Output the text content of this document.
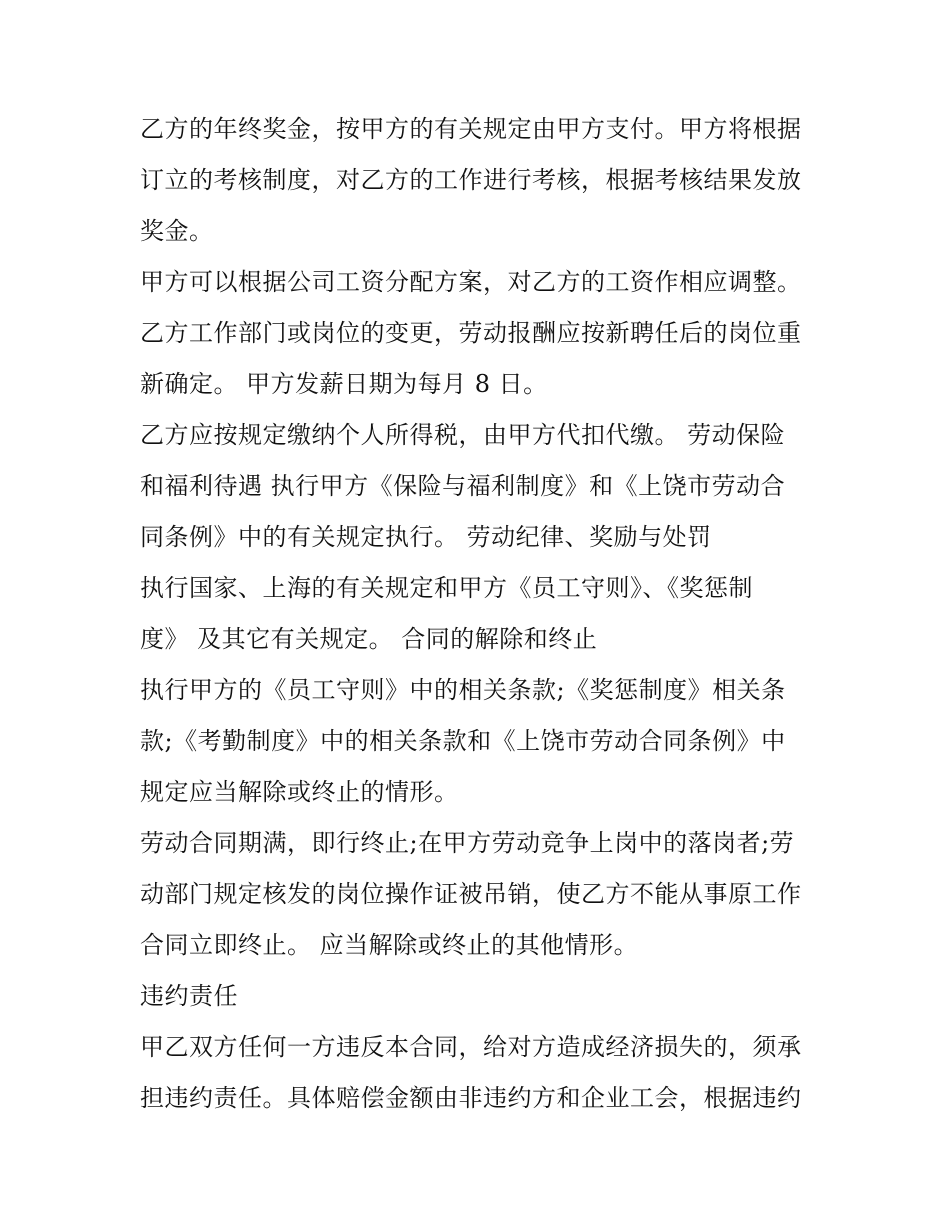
乙方的年终奖金，按甲方的有关规定由甲方支付。甲方将根据
订立的考核制度，对乙方的工作进行考核，根据考核结果发放
奖金。
甲方可以根据公司工资分配方案，对乙方的工资作相应调整。
乙方工作部门或岗位的变更，劳动报酬应按新聘任后的岗位重
新确定。 甲方发薪日期为每月 8 日。
乙方应按规定缴纳个人所得税，由甲方代扣代缴。 劳动保险
和福利待遇 执行甲方《保险与福利制度》和《上饶市劳动合
同条例》中的有关规定执行。 劳动纪律、奖励与处罚
执行国家、上海的有关规定和甲方《员工守则》、《奖惩制
度》 及其它有关规定。 合同的解除和终止
执行甲方的《员工守则》中的相关条款;《奖惩制度》相关条
款;《考勤制度》中的相关条款和《上饶市劳动合同条例》中
规定应当解除或终止的情形。
劳动合同期满，即行终止;在甲方劳动竞争上岗中的落岗者;劳
动部门规定核发的岗位操作证被吊销，使乙方不能从事原工作
合同立即终止。 应当解除或终止的其他情形。
违约责任
甲乙双方任何一方违反本合同，给对方造成经济损失的，须承
担违约责任。具体赔偿金额由非违约方和企业工会，根据违约
